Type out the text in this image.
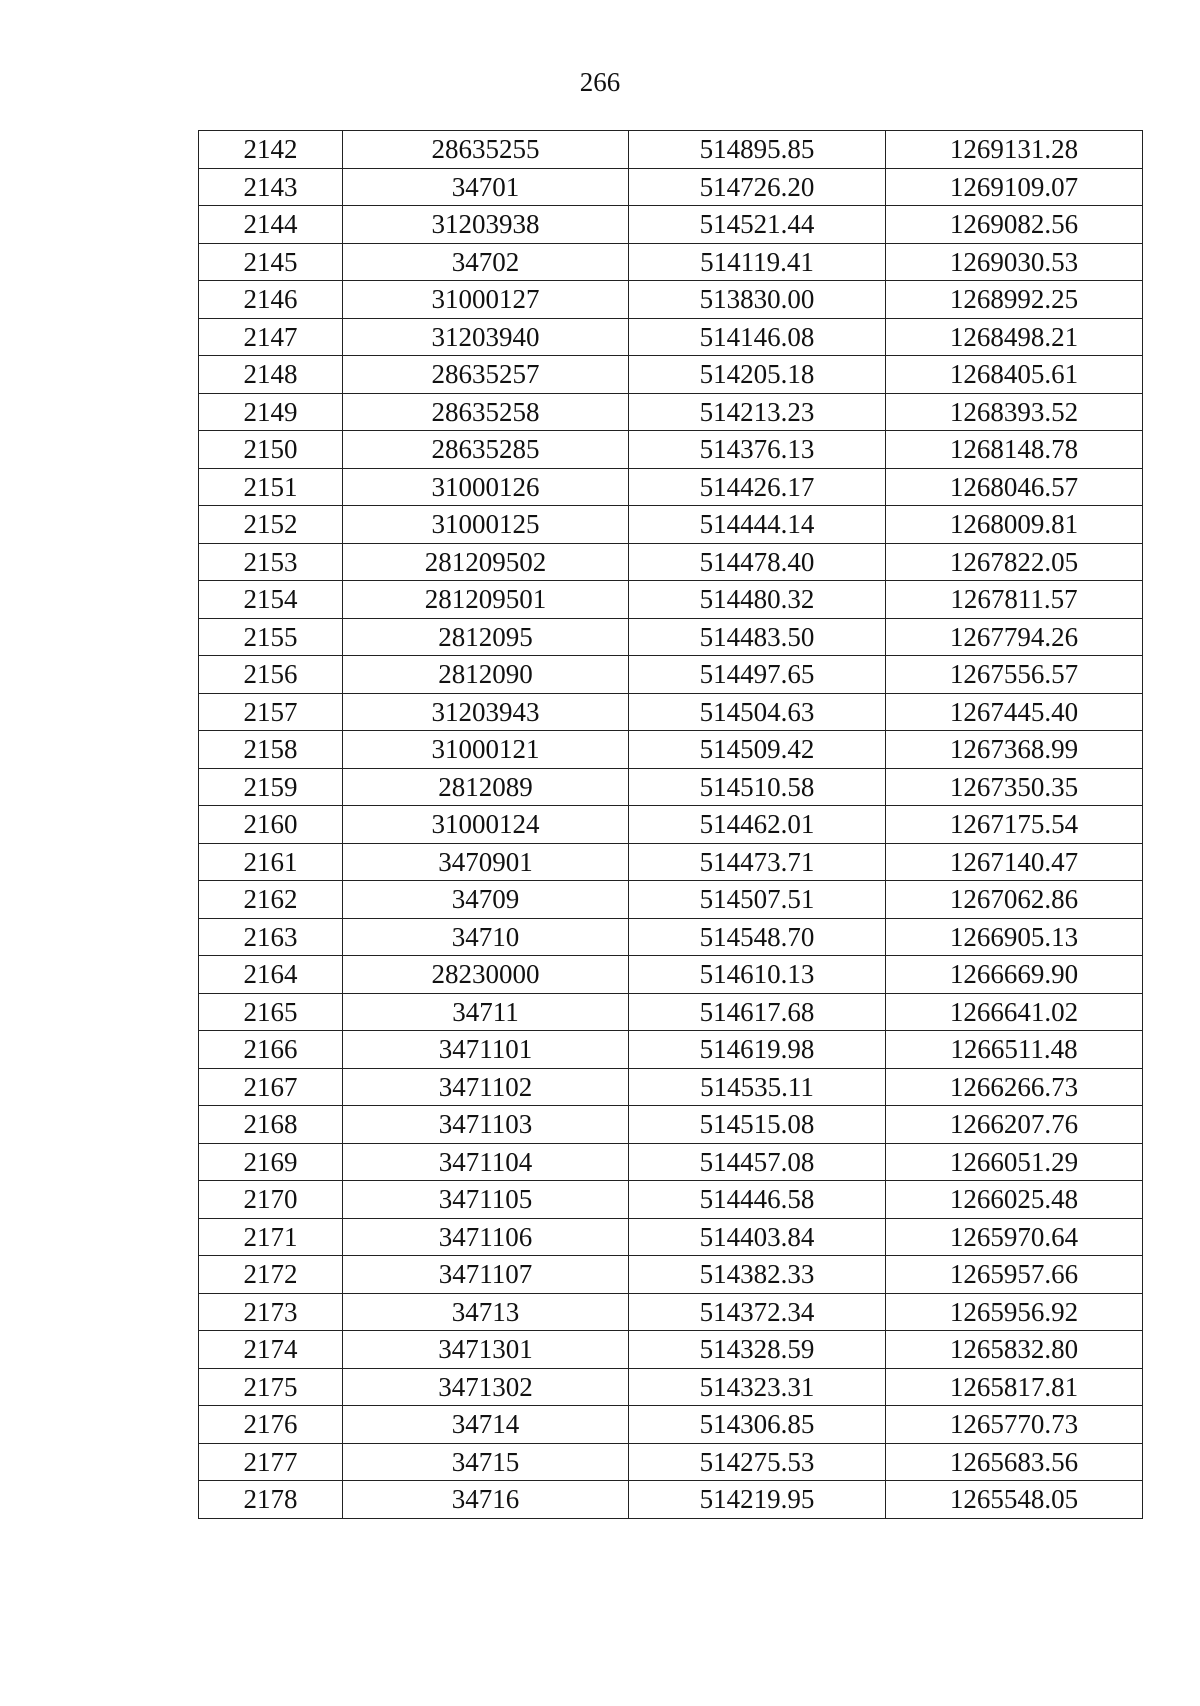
266
2142	28635255	514895.85	1269131.28
2143	34701	514726.20	1269109.07
2144	31203938	514521.44	1269082.56
2145	34702	514119.41	1269030.53
2146	31000127	513830.00	1268992.25
2147	31203940	514146.08	1268498.21
2148	28635257	514205.18	1268405.61
2149	28635258	514213.23	1268393.52
2150	28635285	514376.13	1268148.78
2151	31000126	514426.17	1268046.57
2152	31000125	514444.14	1268009.81
2153	281209502	514478.40	1267822.05
2154	281209501	514480.32	1267811.57
2155	2812095	514483.50	1267794.26
2156	2812090	514497.65	1267556.57
2157	31203943	514504.63	1267445.40
2158	31000121	514509.42	1267368.99
2159	2812089	514510.58	1267350.35
2160	31000124	514462.01	1267175.54
2161	3470901	514473.71	1267140.47
2162	34709	514507.51	1267062.86
2163	34710	514548.70	1266905.13
2164	28230000	514610.13	1266669.90
2165	34711	514617.68	1266641.02
2166	3471101	514619.98	1266511.48
2167	3471102	514535.11	1266266.73
2168	3471103	514515.08	1266207.76
2169	3471104	514457.08	1266051.29
2170	3471105	514446.58	1266025.48
2171	3471106	514403.84	1265970.64
2172	3471107	514382.33	1265957.66
2173	34713	514372.34	1265956.92
2174	3471301	514328.59	1265832.80
2175	3471302	514323.31	1265817.81
2176	34714	514306.85	1265770.73
2177	34715	514275.53	1265683.56
2178	34716	514219.95	1265548.05
